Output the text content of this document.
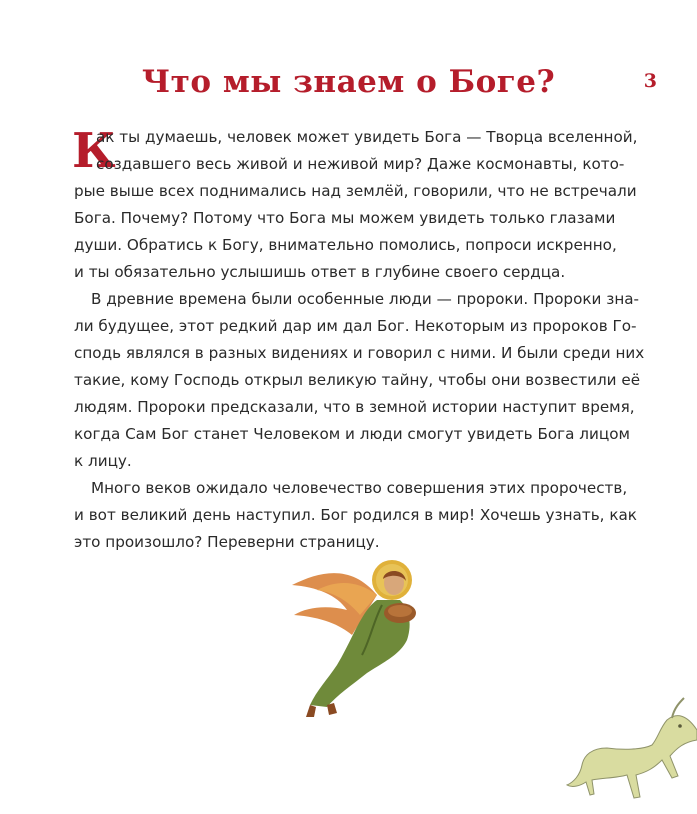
3
Что мы знаем о Боге?
К
ак ты думаешь, человек может увидеть Бога — Творца вселенной,
создавшего весь живой и неживой мир? Даже космонавты, кото-
рые выше всех поднимались над землёй, говорили, что не встречали
Бога. Почему? Потому что Бога мы можем увидеть только глазами
души. Обратись к Богу, внимательно помолись, попроси искренно,
и ты обязательно услышишь ответ в глубине своего сердца.
В древние времена были особенные люди — пророки. Пророки зна-
ли будущее, этот редкий дар им дал Бог. Некоторым из пророков Го-
сподь являлся в разных видениях и говорил с ними. И были среди них
такие, кому Господь открыл великую тайну, чтобы они возвестили её
людям. Пророки предсказали, что в земной истории наступит время,
когда Сам Бог станет Человеком и люди смогут увидеть Бога лицом
к лицу.
Много веков ожидало человечество совершения этих пророчеств,
и вот великий день наступил. Бог родился в мир! Хочешь узнать, как
это произошло? Переверни страницу.
